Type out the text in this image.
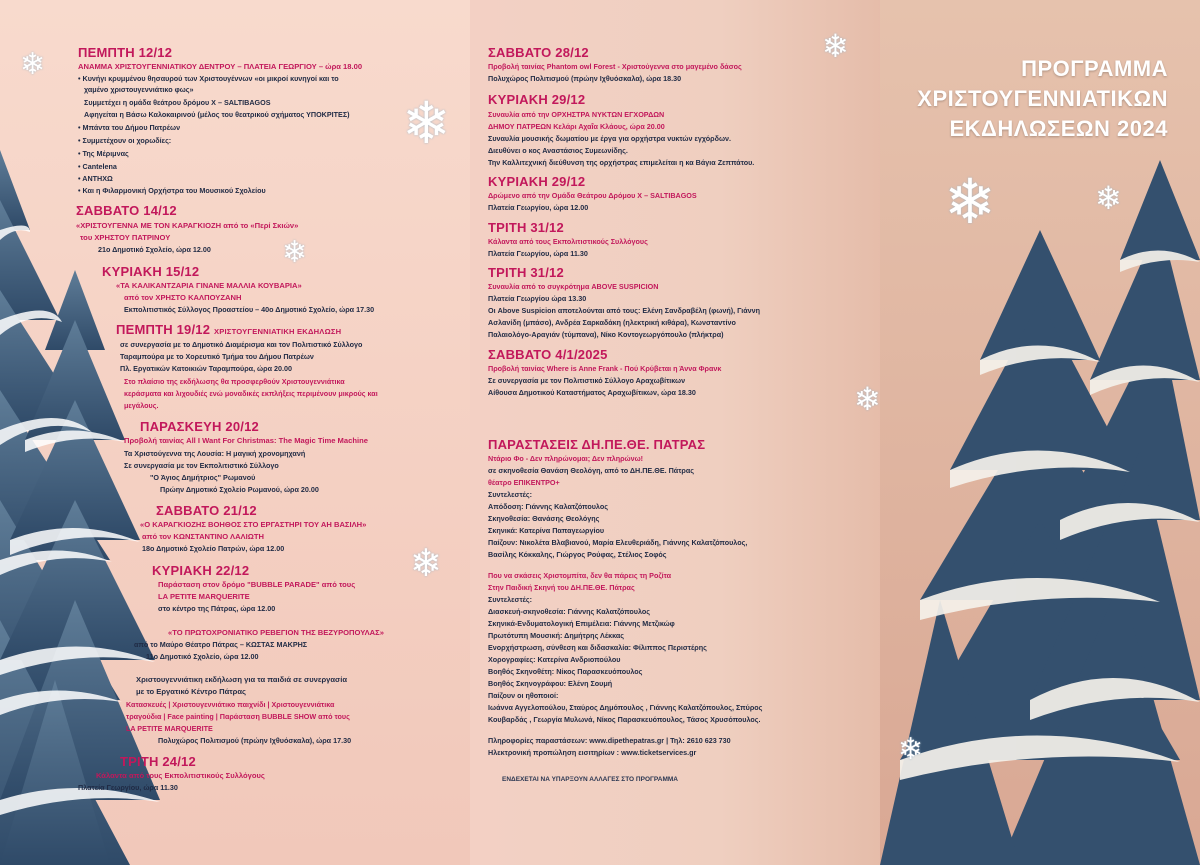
❄
❄
❄
❄
❄
❄	❄
❄
❄
ΠΡΟΓΡΑΜΜΑ
ΧΡΙΣΤΟΥΓΕΝΝΙΑΤΙΚΩΝ
ΕΚΔΗΛΩΣΕΩΝ 2024
ΠΕΜΠΤΗ 12/12
ΑΝΑΜΜΑ ΧΡΙΣΤΟΥΓΕΝΝΙΑΤΙΚΟΥ ΔΕΝΤΡΟΥ – ΠΛΑΤΕΙΑ ΓΕΩΡΓΙΟΥ – ώρα 18.00
• Κυνήγι κρυμμένου θησαυρού των Χριστουγέννων «οι μικροί κυνηγοί και το
χαμένο χριστουγεννιάτικο φως»
Συμμετέχει η ομάδα θεάτρου δρόμου Χ – SALTIBAGOS
Αφηγείται η Βάσω Καλοκαιρινού (μέλος του θεατρικού σχήματος ΥΠΟΚΡΙΤΕΣ)
• Μπάντα του Δήμου Πατρέων
• Συμμετέχουν οι χορωδίες:
• Της Μέριμνας
• Cantelena
• ΑΝΤΗΧΩ
• Και η Φιλαρμονική Ορχήστρα του Μουσικού Σχολείου
ΣΑΒΒΑΤΟ 14/12
«ΧΡΙΣΤΟΥΓΕΝΝΑ ΜΕ ΤΟΝ ΚΑΡΑΓΚΙΟΖΗ από το «Περί Σκιών»
του ΧΡΗΣΤΟΥ ΠΑΤΡΙΝΟΥ
21ο Δημοτικό Σχολείο, ώρα 12.00
ΚΥΡΙΑΚΗ 15/12
«ΤΑ ΚΑΛΙΚΑΝΤΖΑΡΙΑ ΓΙΝΑΝΕ ΜΑΛΛΙΑ ΚΟΥΒΑΡΙΑ»
από τον ΧΡΗΣΤΟ ΚΑΛΠΟΥΖΑΝΗ
Εκπολιτιστικός Σύλλογος Προαστείου – 40ο Δημοτικό Σχολείο, ώρα 17.30
ΠΕΜΠΤΗ 19/12 ΧΡΙΣΤΟΥΓΕΝΝΙΑΤΙΚΗ ΕΚΔΗΛΩΣΗ
σε συνεργασία με το Δημοτικό Διαμέρισμα και τον Πολιτιστικό Σύλλογο
Ταραμπούρα με το Χορευτικό Τμήμα του Δήμου Πατρέων
Πλ. Εργατικών Κατοικιών Ταραμπούρα, ώρα 20.00
Στο πλαίσιο της εκδήλωσης θα προσφερθούν Χριστουγεννιάτικα
κεράσματα και λιχουδιές ενώ μοναδικές εκπλήξεις περιμένουν μικρούς και
μεγάλους.
ΠΑΡΑΣΚΕΥΗ 20/12
Προβολή ταινίας All I Want For Christmas: The Magic Time Machine
Τα Χριστούγεννα της Λουσία: Η μαγική χρονομηχανή
Σε συνεργασία με τον Εκπολιτιστικό Σύλλογο
"Ο Άγιος Δημήτριος" Ρωμανού
Πρώην Δημοτικό Σχολείο Ρωμανού, ώρα 20.00
ΣΑΒΒΑΤΟ 21/12
«Ο ΚΑΡΑΓΚΙΟΖΗΣ ΒΟΗΘΟΣ ΣΤΟ ΕΡΓΑΣΤΗΡΙ ΤΟΥ ΑΗ ΒΑΣΙΛΗ»
από τον ΚΩΝΣΤΑΝΤΙΝΟ ΛΑΛΙΩΤΗ
18ο Δημοτικό Σχολείο Πατρών, ώρα 12.00
ΚΥΡΙΑΚΗ 22/12
Παράσταση στον δρόμο "BUBBLE PARADE" από τους
LA PETITE MARQUERITE
στο κέντρο της Πάτρας, ώρα 12.00
«ΤΟ ΠΡΩΤΟΧΡΟΝΙΑΤΙΚΟ ΡΕΒΕΓΙΟΝ ΤΗΣ ΒΕΖΥΡΟΠΟΥΛΑΣ»
από το Μαύρο Θέατρο Πάτρας – ΚΩΣΤΑΣ ΜΑΚΡΗΣ
11ο Δημοτικό Σχολείο, ώρα 12.00
Χριστουγεννιάτικη εκδήλωση για τα παιδιά σε συνεργασία
με το Εργατικό Κέντρο Πάτρας
Κατασκευές | Χριστουγεννιάτικο παιχνίδι | Χριστουγεννιάτικα
τραγούδια | Face painting | Παράσταση BUBBLE SHOW από τους
LA PETITE MARQUERITE
Πολυχώρος Πολιτισμού (πρώην Ιχθυόσκαλα), ώρα 17.30
ΤΡΙΤΗ 24/12
Κάλαντα από τους Εκπολιτιστικούς Συλλόγους
Πλατεία Γεωργίου, ώρα 11.30
ΣΑΒΒΑΤΟ 28/12
Προβολή ταινίας Phantom owl Forest - Χριστούγεννα στο μαγεμένο δάσος
Πολυχώρος Πολιτισμού (πρώην Ιχθυόσκαλα), ώρα 18.30
ΚΥΡΙΑΚΗ 29/12
Συναυλία από την ΟΡΧΗΣΤΡΑ ΝΥΚΤΩΝ ΕΓΧΟΡΔΩΝ
ΔΗΜΟΥ ΠΑΤΡΕΩΝ Κελάρι Αχαΐα Κλάους, ώρα 20.00
Συναυλία μουσικής δωματίου με έργα για ορχήστρα νυκτών εγχόρδων.
Διευθύνει ο κος Αναστάσιος Συμεωνίδης.
Την Καλλιτεχνική διεύθυνση της ορχήστρας επιμελείται η κα Βάγια Ζεππάτου.
ΚΥΡΙΑΚΗ 29/12
Δρώμενο από την Ομάδα Θεάτρου Δρόμου Χ – SALTIBAGOS
Πλατεία Γεωργίου, ώρα 12.00
ΤΡΙΤΗ 31/12
Κάλαντα από τους Εκπολιτιστικούς Συλλόγους
Πλατεία Γεωργίου, ώρα 11.30
ΤΡΙΤΗ 31/12
Συναυλία από το συγκρότημα ABOVE SUSPICION
Πλατεία Γεωργίου ώρα 13.30
Οι Above Suspicion αποτελούνται από τους: Ελένη Σανδραβέλη (φωνή), Γιάννη
Ασλανίδη (μπάσο), Ανδρέα Σαρκαδάκη (ηλεκτρική κιθάρα), Κωνσταντίνο
Παλαιολόγο-Αραγιάν (τύμπανα), Νίκο Κοντογεωργόπουλο (πλήκτρα)
ΣΑΒΒΑΤΟ 4/1/2025
Προβολή ταινίας Where is Anne Frank - Πού Κρύβεται η Άννα Φρανκ
Σε συνεργασία με τον Πολιτιστικό Σύλλογο Αραχωβίτικων
Αίθουσα Δημοτικού Καταστήματος Αραχωβίτικων, ώρα 18.30
ΠΑΡΑΣΤΑΣΕΙΣ ΔΗ.ΠΕ.ΘΕ. ΠΑΤΡΑΣ
Ντάριο Φο - Δεν πληρώνομαι; Δεν πληρώνω!
σε σκηνοθεσία Θανάση Θεολόγη, από το ΔΗ.ΠΕ.ΘΕ. Πάτρας
θέατρο ΕΠΙΚΕΝΤΡΟ+
Συντελεστές:
Απόδοση: Γιάννης Καλατζόπουλος
Σκηνοθεσία: Θανάσης Θεολόγης
Σκηνικά: Κατερίνα Παπαγεωργίου
Παίζουν: Νικολέτα Βλαβιανού, Μαρία Ελευθεριάδη, Γιάννης Καλατζόπουλος,
Βασίλης Κόκκαλης, Γιώργος Ρούφας, Στέλιος Σοφός
Που να σκάσεις Χριστομπίτα, δεν θα πάρεις τη Ροζίτα
Στην Παιδική Σκηνή του ΔΗ.ΠΕ.ΘΕ. Πάτρας
Συντελεστές:
Διασκευή-σκηνοθεσία: Γιάννης Καλατζόπουλος
Σκηνικά-Ενδυματολογική Επιμέλεια: Γιάννης Μετζικώφ
Πρωτότυπη Μουσική: Δημήτρης Λέκκας
Ενορχήστρωση, σύνθεση και διδασκαλία: Φίλιππος Περιστέρης
Χορογραφίες: Κατερίνα Ανδριοπούλου
Βοηθός Σκηνοθέτη: Νίκος Παρασκευόπουλος
Βοηθός Σκηνογράφου: Ελένη Σουμή
Παίζουν οι ηθοποιοί:
Ιωάννα Αγγελοπούλου, Σταύρος Δημόπουλος , Γιάννης Καλατζόπουλος, Σπύρος
Κουβαρδάς , Γεωργία Μυλωνά, Νίκος Παρασκευόπουλος, Τάσος Χρυσόπουλος.
Πληροφορίες παραστάσεων: www.dipethepatras.gr | Τηλ: 2610 623 730
Ηλεκτρονική προπώληση εισιτηρίων : www.ticketservices.gr
ΕΝΔΕΧΕΤΑΙ ΝΑ ΥΠΑΡΞΟΥΝ ΑΛΛΑΓΕΣ ΣΤΟ ΠΡΟΓΡΑΜΜΑ
